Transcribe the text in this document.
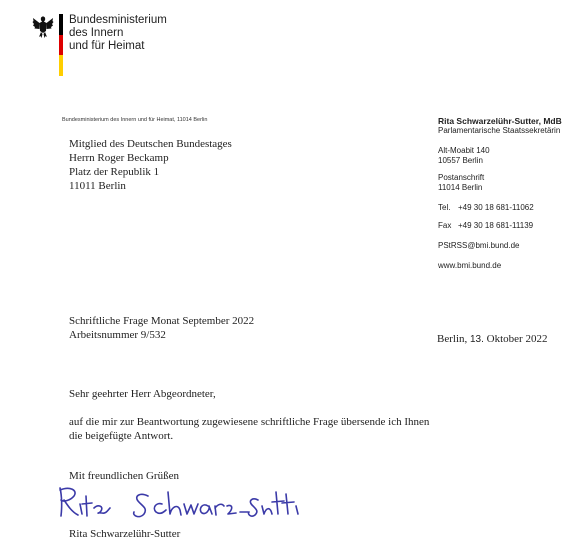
Bundesministerium
des Innern
und für Heimat
Bundesministerium des Innern und für Heimat, 11014 Berlin
Mitglied des Deutschen Bundestages
Herrn Roger Beckamp
Platz der Republik 1
11011 Berlin
Rita Schwarzelühr-Sutter, MdB
Parlamentarische Staatssekretärin
Alt-Moabit 140
10557 Berlin
Postanschrift
11014 Berlin
Tel. +49 30 18 681-11062
Fax +49 30 18 681-11139
PStRSS@bmi.bund.de
www.bmi.bund.de
Schriftliche Frage Monat September 2022
Arbeitsnummer 9/532	Berlin, 13. Oktober 2022
Sehr geehrter Herr Abgeordneter,
auf die mir zur Beantwortung zugewiesene schriftliche Frage übersende ich Ihnen
die beigefügte Antwort.
Mit freundlichen Grüßen
Rita Schwarzelühr-Sutter
